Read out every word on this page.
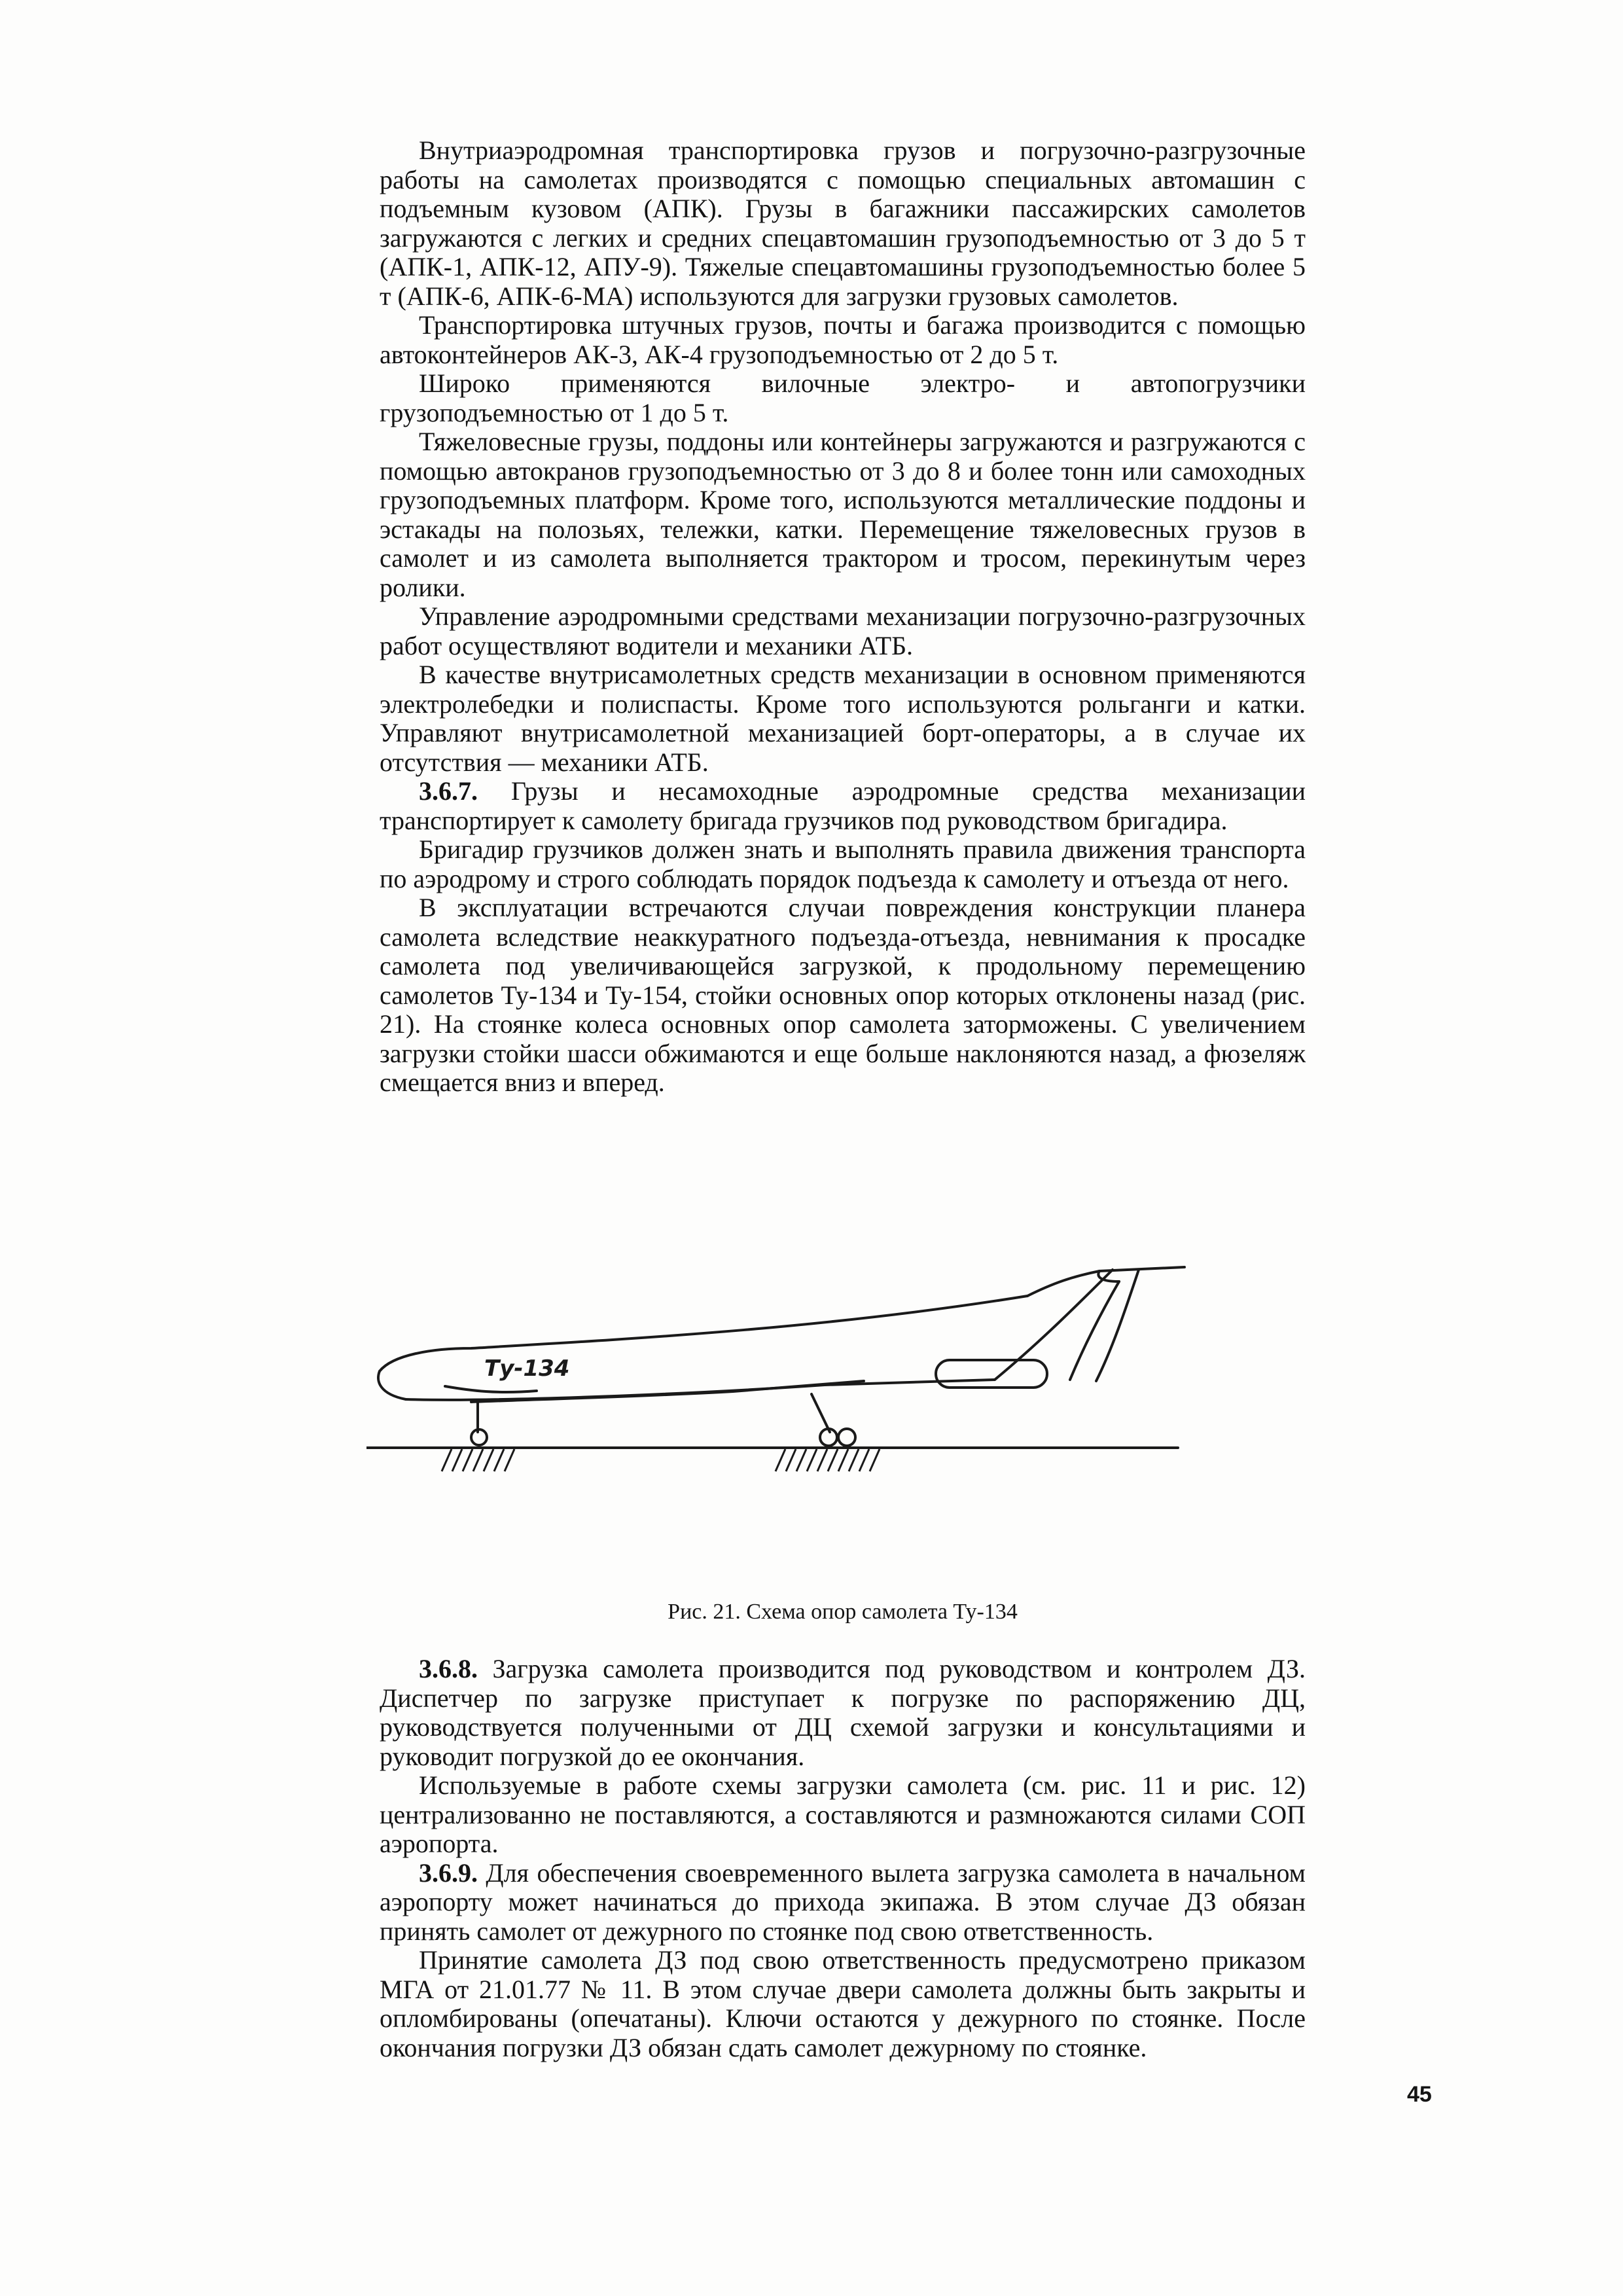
Внутриаэродромная транспортировка грузов и погрузочно-разгрузочные работы на самолетах производятся с помощью специальных автомашин с подъемным кузовом (АПК). Грузы в багажники пассажирских самолетов загружаются с легких и средних спецавтомашин грузоподъемностью от 3 до 5 т (АПК-1, АПК-12, АПУ-9). Тяжелые спецавтомашины грузоподъемностью более 5 т (АПК-6, АПК-6-МА) используются для загрузки грузовых самолетов.

Транспортировка штучных грузов, почты и багажа производится с помощью автоконтейнеров АК-3, АК-4 грузоподъемностью от 2 до 5 т.

Широко применяются вилочные электро- и автопогрузчики грузоподъемностью от 1 до 5 т.

Тяжеловесные грузы, поддоны или контейнеры загружаются и разгружаются с помощью автокранов грузоподъемностью от 3 до 8 и более тонн или самоходных грузоподъемных платформ. Кроме того, используются металлические поддоны и эстакады на полозьях, тележки, катки. Перемещение тяжеловесных грузов в самолет и из самолета выполняется трактором и тросом, перекинутым через ролики.

Управление аэродромными средствами механизации погрузочно-разгрузочных работ осуществляют водители и механики АТБ.

В качестве внутрисамолетных средств механизации в основном применяются электролебедки и полиспасты. Кроме того используются рольганги и катки. Управляют внутрисамолетной механизацией борт-операторы, а в случае их отсутствия — механики АТБ.

3.6.7. Грузы и несамоходные аэродромные средства механизации транспортирует к самолету бригада грузчиков под руководством бригадира.

Бригадир грузчиков должен знать и выполнять правила движения транспорта по аэродрому и строго соблюдать порядок подъезда к самолету и отъезда от него.

В эксплуатации встречаются случаи повреждения конструкции планера самолета вследствие неаккуратного подъезда-отъезда, невнимания к просадке самолета под увеличивающейся загрузкой, к продольному перемещению самолетов Ту-134 и Ту-154, стойки основных опор которых отклонены назад (рис. 21). На стоянке колеса основных опор самолета заторможены. С увеличением загрузки стойки шасси обжимаются и еще больше наклоняются назад, а фюзеляж смещается вниз и вперед.

Ту-134
Рис. 21. Схема опор самолета Ту-134

3.6.8. Загрузка самолета производится под руководством и контролем ДЗ. Диспетчер по загрузке приступает к погрузке по распоряжению ДЦ, руководствуется полученными от ДЦ схемой загрузки и консультациями и руководит погрузкой до ее окончания.

Используемые в работе схемы загрузки самолета (см. рис. 11 и рис. 12) централизованно не поставляются, а составляются и размножаются силами СОП аэропорта.

3.6.9. Для обеспечения своевременного вылета загрузка самолета в начальном аэропорту может начинаться до прихода экипажа. В этом случае ДЗ обязан принять самолет от дежурного по стоянке под свою ответственность.

Принятие самолета ДЗ под свою ответственность предусмотрено приказом МГА от 21.01.77 № 11. В этом случае двери самолета должны быть закрыты и опломбированы (опечатаны). Ключи остаются у дежурного по стоянке. После окончания погрузки ДЗ обязан сдать самолет дежурному по стоянке.

45
